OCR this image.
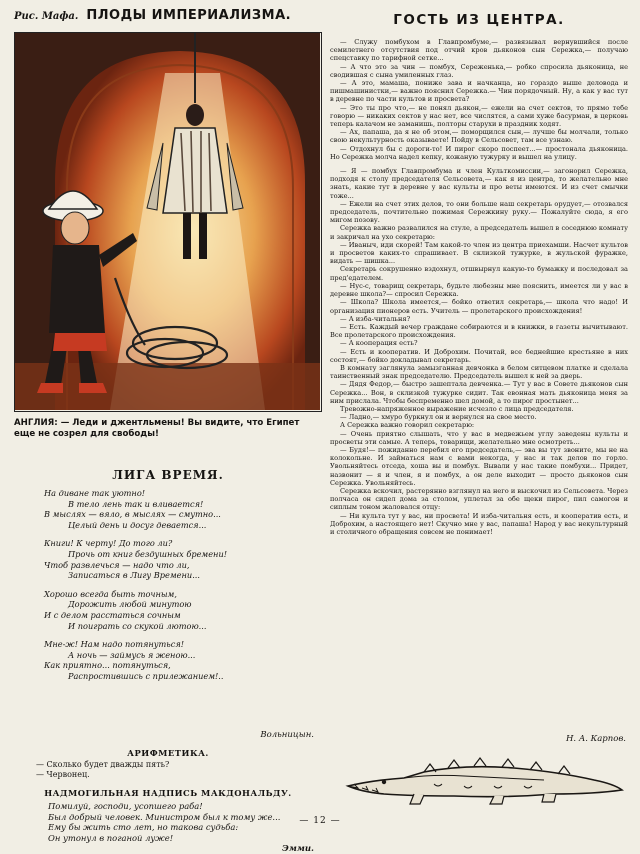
Рис. Мафа. ПЛОДЫ ИМПЕРИАЛИЗМА.
АНГЛИЯ: — Леди и джентльмены! Вы видите, что Египет еще не созрел для свободы!
ЛИГА ВРЕМЯ.

На диване так уютно!
В тело лень так и вливается!
В мыслях — вяло, в мыслях — смутно...
Целый день и досуг девается...

Книги! К черту! До того ли?
Прочь от книг бездушных бремени!
Чтоб развлечься — надо что ли,
Записаться в Лигу Времени...

Хорошо всегда быть точным,
Дорожить любой минутою
И с делом расстаться сочным
И поиграть со скукой лютою...

Мне-ж! Нам надо потянуться!
А ночь — займусь я женою...
Как приятно... потянуться,
Распростившись с прилежанием!..

Вольницын.
АРИФМЕТИКА.
— Сколько будет дважды пять?
— Червонец.
НАДМОГИЛЬНАЯ НАДПИСЬ МАКДОНАЛЬДУ.
Помилуй, господи, усопшего раба!
Был добрый человек. Министром был к тому же...
Ему бы жить сто лет, но такова судьба:
Он утонул в поганой луже!
Эмми.
ГОСТЬ ИЗ ЦЕНТРА.

— Служу помбухом в Главпромбуме,— развязывал вернувшийся после семилетнего отсутствия под отчий кров дьяконов сын Сережка,— получаю спецставку по тарифной сетке...

— А что это за чин — помбух, Сереженька,— робко спросила дьяконица, не сводившая с сына умиленных глаз.

— А это, мамаша, пониже зава и начканца, но гораздо выше деловода и пишмашинистки,— важно пояснил Сережка.— Чин порядочный. Ну, а как у вас тут в деревне по части культов и просвета?

— Это ты про что,— не понял дьякон,— ежели на счет сектов, то прямо тебе говорю — никаких сектов у нас нет, все числятся, а сами хуже басурман, в церковь теперь калачом не заманишь, полторы старухи в праздник ходят.

— Ах, папаша, да я не об этом,— поморщился сын,— лучше бы молчали, только свою некультурность оказываете! Пойду в Сельсовет, там все узнаю.

— Отдохнул бы с дороги-то! И пирог скоро поспеет...— простонала дьяконица. Но Сережка молча надел кепку, кожаную тужурку и вышел на улицу.

— Я — помбух Главпромбума и член Культкомиссии,— загонорил Сережка, подходя к столу председателя Сельсовета,— как я из центра, то желательно мне знать, какие тут в деревне у вас культы и про веты имеются. И из счет смычки тоже...

— Ежели на счет этих делов, то они больше наш секретарь орудует,— отозвался председатель, почтительно пожимая Сережкину руку.— Пожалуйте сюда, я его мигом позову.

Сережка важно развалился на стуле, а председатель вышел в соседнюю комнату и закричал на ухо секретарю:

— Иваныч, иди скорей! Там какой-то член из центра приехамши. Насчет культов и просветов каких-то спрашивает. В склизкой тужурке, в жульской фуражке, видать — шишка...

Секретарь сокрушенно вздохнул, отшвырнул какую-то бумажку и последовал за пред'едателем.

— Нус-с, товарищ секретарь, будьте любезны мне пояснить, имеется ли у вас в деревне школа?— спросил Сережка.

— Школа? Школа имеется,— бойко ответил секретарь,— школа что надо! И организация пионеров есть. Учитель — пролетарского происхождения!

— А изба-читальня?

— Есть. Каждый вечер граждане собираются и в книжки, в газеты вычитывают. Все пролетарского происхождения.

— А кооперация есть?

— Есть и кооператив. И Доброхим. Почитай, все беднейшие крестьяне в них состоят,— бойко докладывал секретарь.

В комнату заглянула замызганная девчонка в белом ситцевом платке и сделала таинственный знак председателю. Председатель вышел к ней за дверь.

— Дядя Федор,— быстро зашептала девченка.— Тут у вас в Совете дьяконов сын Сережка... Вон, в склизкой тужурке сидит. Так евонная мать дьяконица меня за ним прислала. Чтобы беспременно шел домой, а то пирог простынет...

Тревожно-напряженное выражение исчезло с лица председателя.

— Ладно,— хмуро буркнул он и вернулся на свое место.

А Сережка важно говорил секретарю:

— Очень приятно слышать, что у вас в медвежьем углу заведены культы и просветы эти самые. А теперь, товарищи, желательно мне осмотреть...

— Будя!— пожиданно перебил его председатель,— эва вы тут звоните, мы не на колокольне. И займаться нам с вами некогда, у нас и так делов по горло. Увольняйтесь отседа, хоша вы и помбух. Вывали у нас такие помбухи... Придет, назвонит — я и член, я и помбух, а он деле выходит — просто дьяконов сын Сережка. Увольняйтесь.

Сережка вскочил, растерянно взглянул на него и выскочил из Сельсовета. Через полчаса он сидел дома за столом, уплетал за обе щеки пирог, пил самогон и сиплым тоном жаловался отцу:

— Ни культа тут у вас, ни просвета! И изба-читальня есть, и кооператив есть, и Доброхим, а настоящего нет! Скучно мне у вас, папаша! Народ у вас некультурный и столичного обращения совсем не понимает!

Н. А. Карпов.
— 12 —
